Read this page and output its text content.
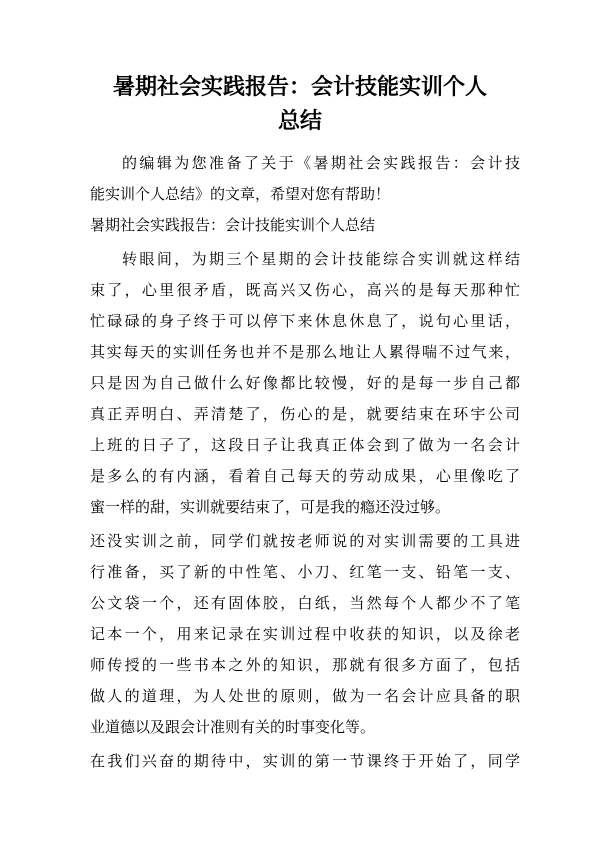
暑期社会实践报告：会计技能实训个人
总结
的编辑为您准备了关于《暑期社会实践报告：会计技
能实训个人总结》的文章，希望对您有帮助！
暑期社会实践报告：会计技能实训个人总结
转眼间，为期三个星期的会计技能综合实训就这样结
束了，心里很矛盾，既高兴又伤心，高兴的是每天那种忙
忙碌碌的身子终于可以停下来休息休息了，说句心里话，
其实每天的实训任务也并不是那么地让人累得喘不过气来，
只是因为自己做什么好像都比较慢，好的是每一步自己都
真正弄明白、弄清楚了，伤心的是，就要结束在环宇公司
上班的日子了，这段日子让我真正体会到了做为一名会计
是多么的有内涵，看着自己每天的劳动成果，心里像吃了
蜜一样的甜，实训就要结束了，可是我的瘾还没过够。
还没实训之前，同学们就按老师说的对实训需要的工具进
行准备，买了新的中性笔、小刀、红笔一支、铅笔一支、
公文袋一个，还有固体胶，白纸，当然每个人都少不了笔
记本一个，用来记录在实训过程中收获的知识，以及徐老
师传授的一些书本之外的知识，那就有很多方面了，包括
做人的道理，为人处世的原则，做为一名会计应具备的职
业道德以及跟会计准则有关的时事变化等。
在我们兴奋的期待中，实训的第一节课终于开始了，同学
